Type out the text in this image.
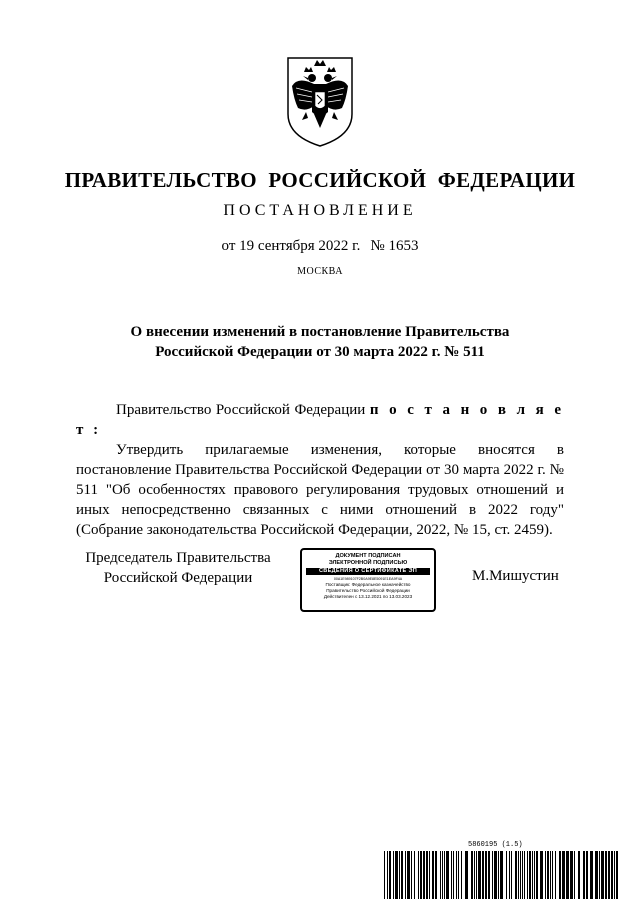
ПРАВИТЕЛЬСТВО РОССИЙСКОЙ ФЕДЕРАЦИИ
ПОСТАНОВЛЕНИЕ
от 19 сентября 2022 г. № 1653
МОСКВА
О внесении изменений в постановление Правительства
Российской Федерации от 30 марта 2022 г. № 511

Правительство Российской Федерации п о с т а н о в л я е т :

Утвердить прилагаемые изменения, которые вносятся в постановление Правительства Российской Федерации от 30 марта 2022 г. № 511 "Об особенностях правового регулирования трудовых отношений и иных непосредственно связанных с ними отношений в 2022 году" (Собрание законодательства Российской Федерации, 2022, № 15, ст. 2459).

Председатель Правительства
Российской Федерации
ДОКУМЕНТ ПОДПИСАН
ЭЛЕКТРОННОЙ ПОДПИСЬЮ
СВЕДЕНИЯ О СЕРТИФИКАТЕ ЭП
00A1E989107F2B0A9E8E5091E1EA9F4A
Поставщик: Федеральное казначейство
Правительство Российской Федерации
Действителен с 13.12.2021 по 13.03.2023
М.Мишустин
5860195 (1.5)
